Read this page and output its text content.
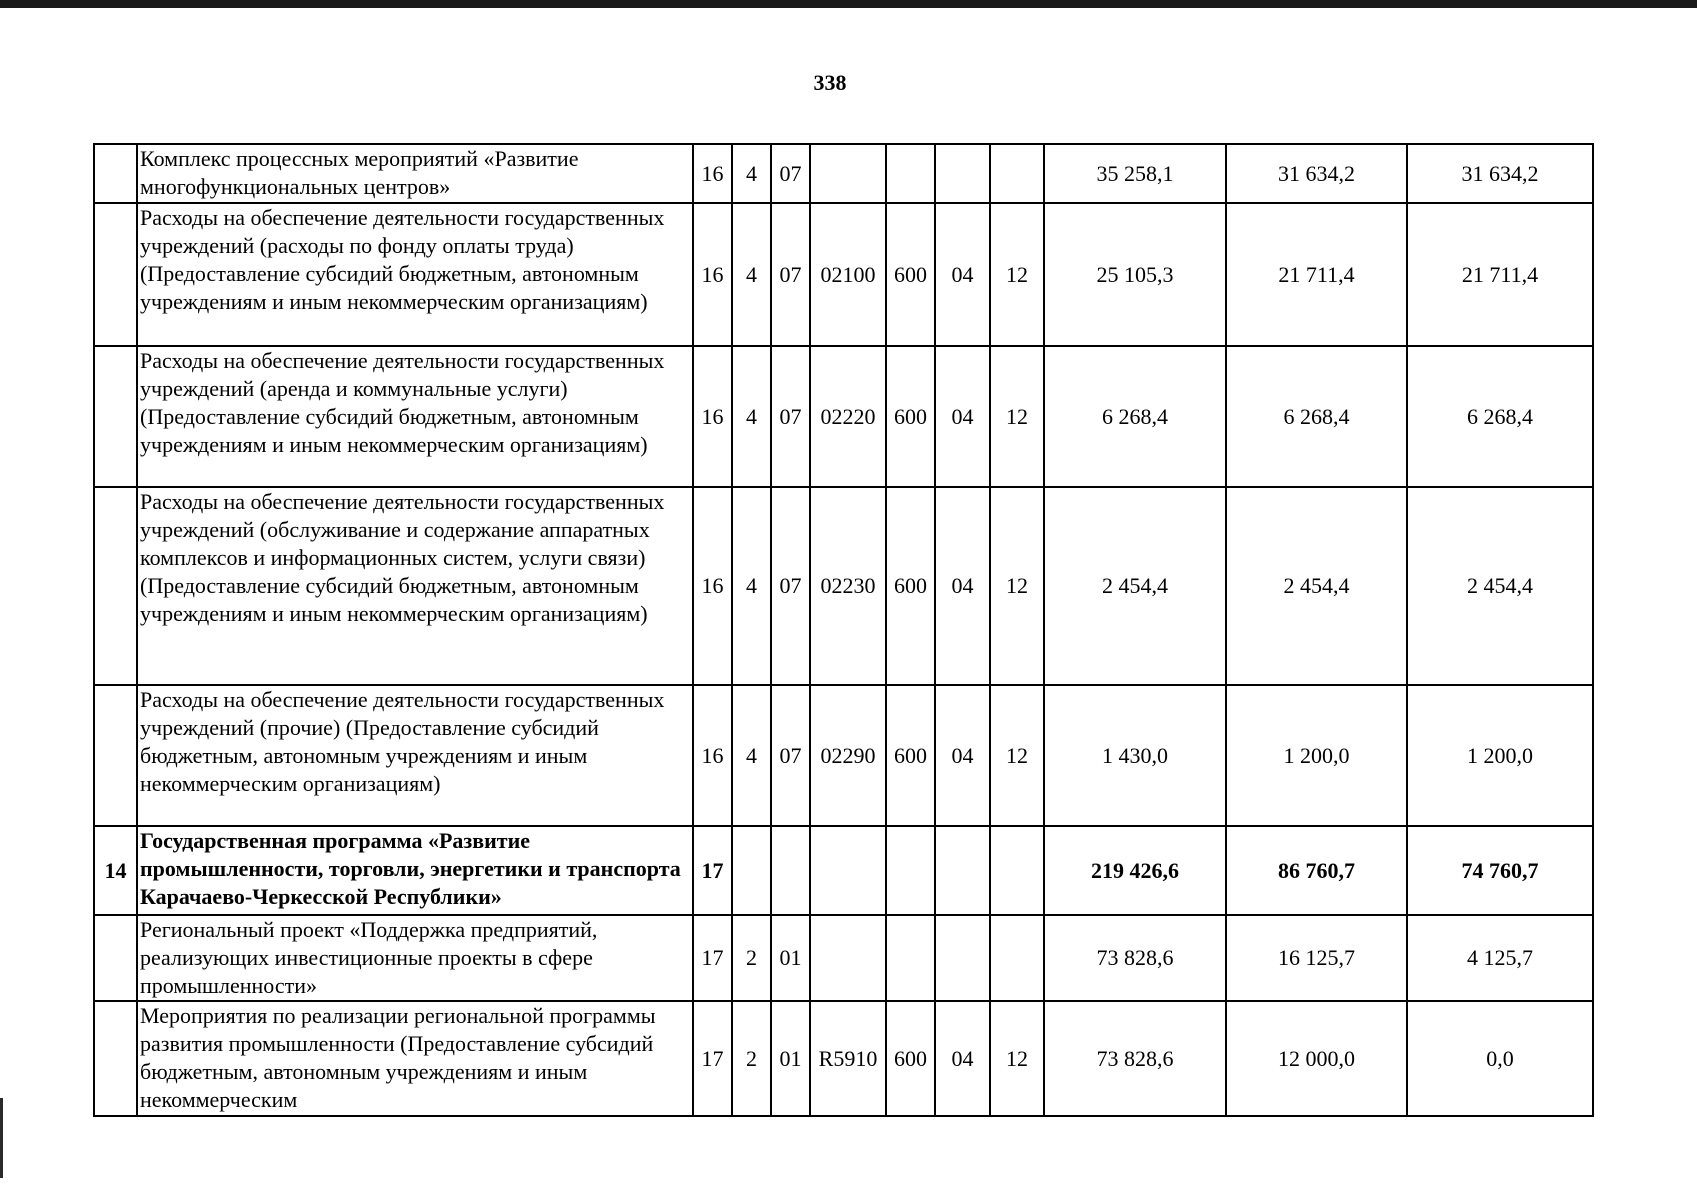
338
	Комплекс процессных мероприятий «Развитие многофункциональных центров»	16	4	07					35 258,1	31 634,2	31 634,2
	Расходы на обеспечение деятельности государственных учреждений (расходы по фонду оплаты труда) (Предоставление субсидий бюджетным, автономным учреждениям и иным некоммерческим организациям)	16	4	07	02100	600	04	12	25 105,3	21 711,4	21 711,4
	Расходы на обеспечение деятельности государственных учреждений (аренда и коммунальные услуги) (Предоставление субсидий бюджетным, автономным учреждениям и иным некоммерческим организациям)	16	4	07	02220	600	04	12	6 268,4	6 268,4	6 268,4
	Расходы на обеспечение деятельности государственных учреждений (обслуживание и содержание аппаратных комплексов и информационных систем, услуги связи) (Предоставление субсидий бюджетным, автономным учреждениям и иным некоммерческим организациям)	16	4	07	02230	600	04	12	2 454,4	2 454,4	2 454,4
	Расходы на обеспечение деятельности государственных учреждений (прочие) (Предоставление субсидий бюджетным, автономным учреждениям и иным некоммерческим организациям)	16	4	07	02290	600	04	12	1 430,0	1 200,0	1 200,0
14	Государственная программа «Развитие промышленности, торговли, энергетики и транспорта Карачаево-Черкесской Республики»	17							219 426,6	86 760,7	74 760,7
	Региональный проект «Поддержка предприятий, реализующих инвестиционные проекты в сфере промышленности»	17	2	01					73 828,6	16 125,7	4 125,7
	Мероприятия по реализации региональной программы развития промышленности (Предоставление субсидий бюджетным, автономным учреждениям и иным некоммерческим	17	2	01	R5910	600	04	12	73 828,6	12 000,0	0,0
